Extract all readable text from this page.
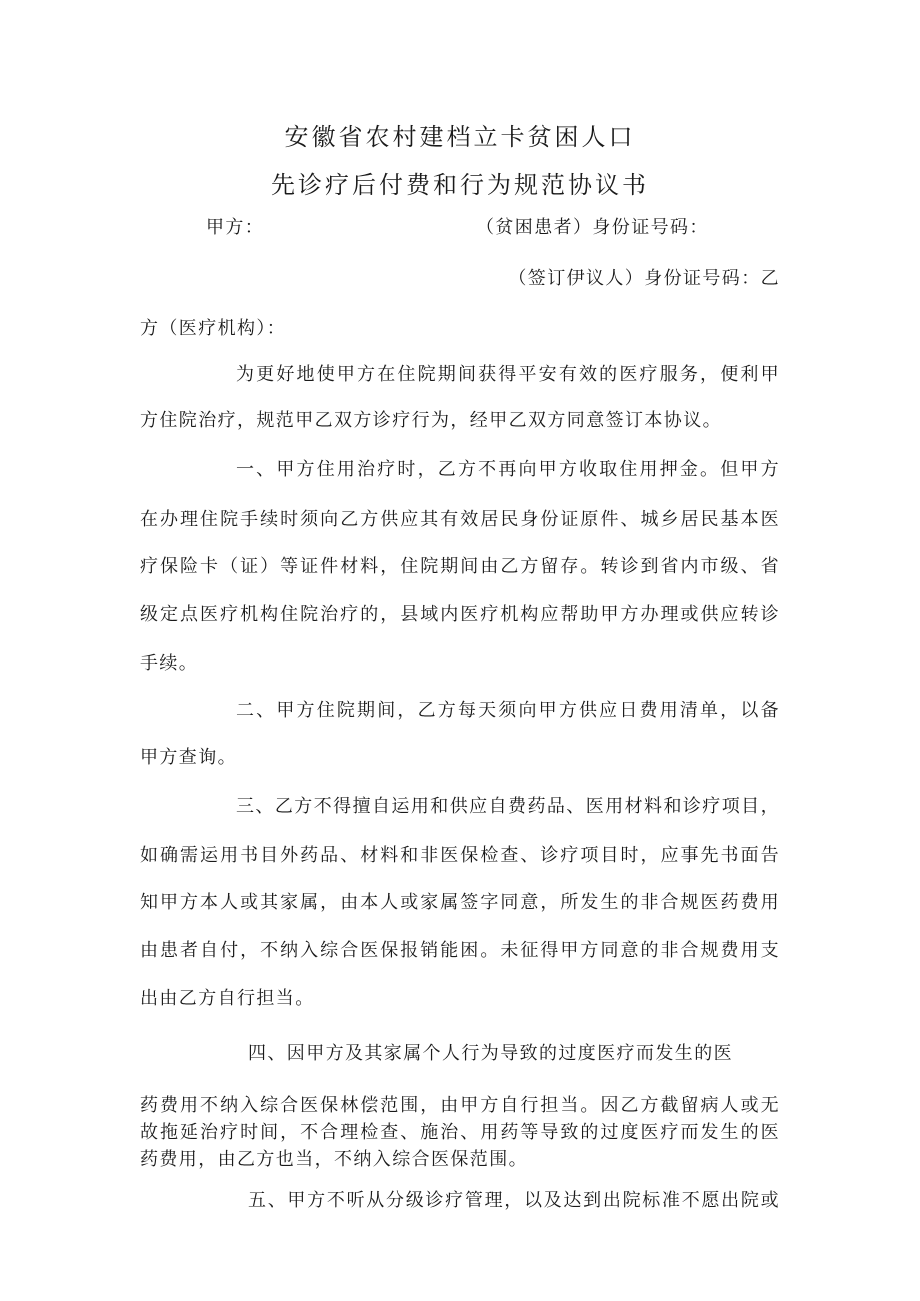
安徽省农村建档立卡贫困人口
先诊疗后付费和行为规范协议书
甲方：	（贫困患者）身份证号码：
（签订伊议人）身份证号码：乙
方（医疗机构）：
为更好地使甲方在住院期间获得平安有效的医疗服务，便利甲
方住院治疗，规范甲乙双方诊疗行为，经甲乙双方同意签订本协议。
一、甲方住用治疗时，乙方不再向甲方收取住用押金。但甲方
在办理住院手续时须向乙方供应其有效居民身份证原件、城乡居民基本医
疗保险卡（证）等证件材料，住院期间由乙方留存。转诊到省内市级、省
级定点医疗机构住院治疗的，县域内医疗机构应帮助甲方办理或供应转诊
手续。
二、甲方住院期间，乙方每天须向甲方供应日费用清单，以备
甲方查询。
三、乙方不得擅自运用和供应自费药品、医用材料和诊疗项目，
如确需运用书目外药品、材料和非医保检查、诊疗项目时，应事先书面告
知甲方本人或其家属，由本人或家属签字同意，所发生的非合规医药费用
由患者自付，不纳入综合医保报销能困。未征得甲方同意的非合规费用支
出由乙方自行担当。
四、因甲方及其家属个人行为导致的过度医疗而发生的医
药费用不纳入综合医保林偿范围，由甲方自行担当。因乙方截留病人或无
故拖延治疗时间，不合理检查、施治、用药等导致的过度医疗而发生的医
药费用，由乙方也当，不纳入综合医保范围。
五、甲方不听从分级诊疗管理，以及达到出院标准不愿出院或
